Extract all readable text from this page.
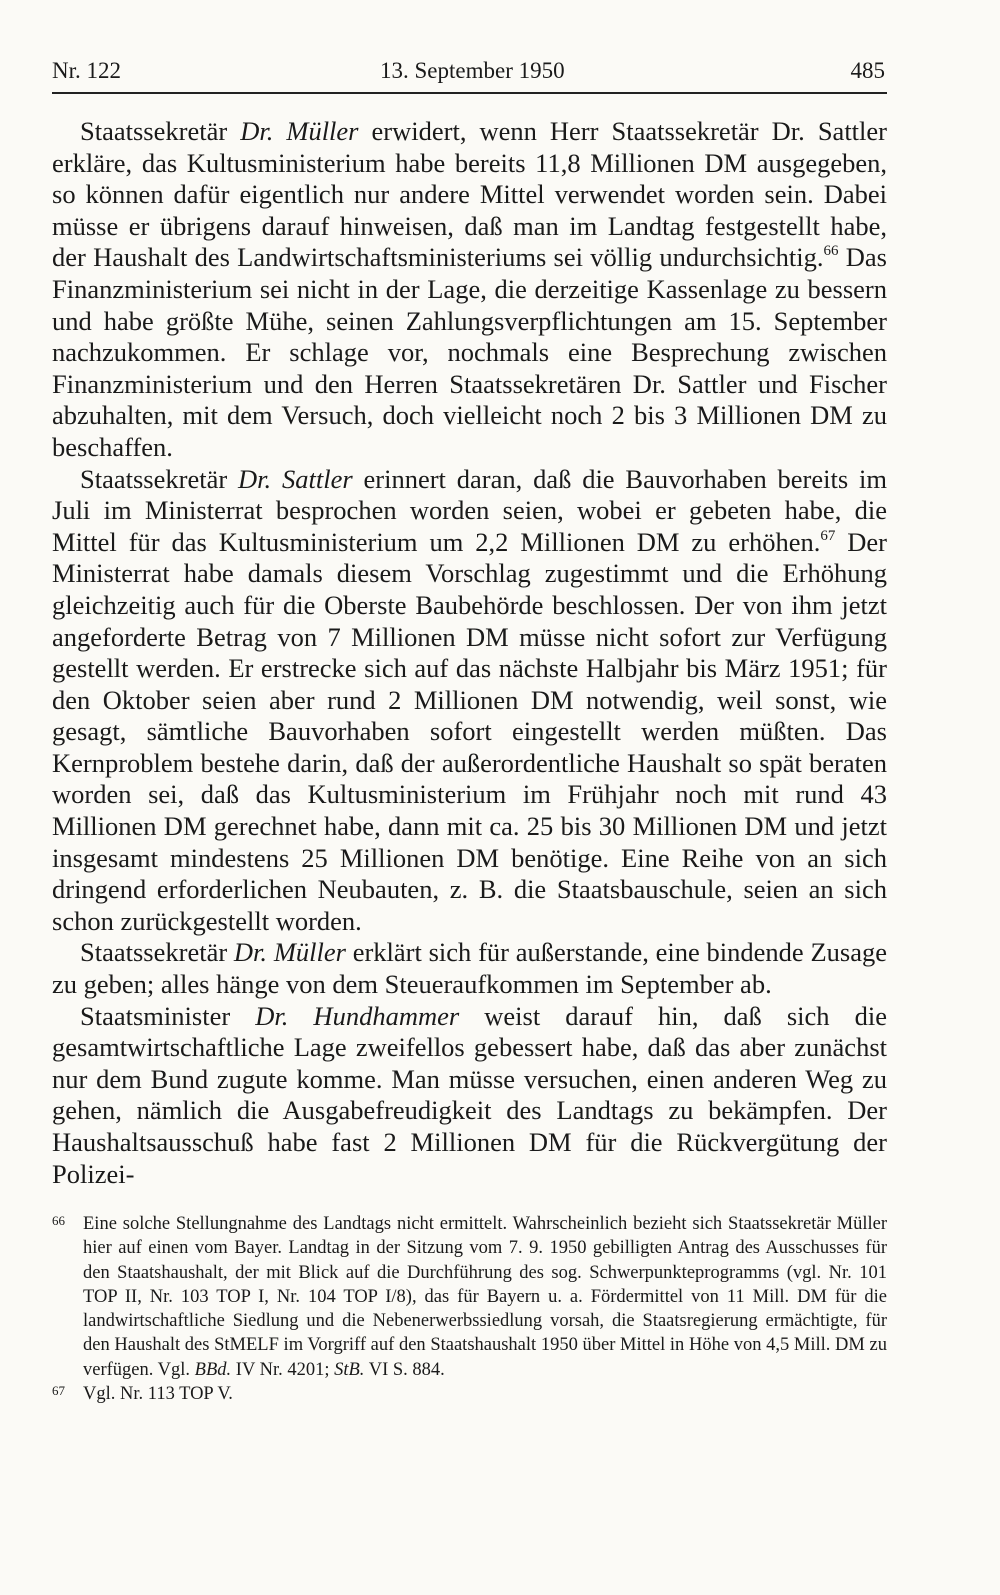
Nr. 122	13. September 1950	485

Staatssekretär Dr. Müller erwidert, wenn Herr Staatssekretär Dr. Sattler erkläre, das Kultusministerium habe bereits 11,8 Millionen DM ausgegeben, so können dafür eigentlich nur andere Mittel verwendet worden sein. Dabei müsse er übrigens darauf hinweisen, daß man im Landtag festgestellt habe, der Haushalt des Landwirtschaftsministeriums sei völlig undurchsichtig.$^{66}$ Das Finanzministerium sei nicht in der Lage, die derzeitige Kassenlage zu bessern und habe größte Mühe, seinen Zahlungsverpflichtungen am 15. September nachzukommen. Er schlage vor, nochmals eine Besprechung zwischen Finanzministerium und den Herren Staatssekretären Dr. Sattler und Fischer abzuhalten, mit dem Versuch, doch vielleicht noch 2 bis 3 Millionen DM zu beschaffen.

Staatssekretär Dr. Sattler erinnert daran, daß die Bauvorhaben bereits im Juli im Ministerrat besprochen worden seien, wobei er gebeten habe, die Mittel für das Kultusministerium um 2,2 Millionen DM zu erhöhen.$^{67}$ Der Ministerrat habe damals diesem Vorschlag zugestimmt und die Erhöhung gleichzeitig auch für die Oberste Baubehörde beschlossen. Der von ihm jetzt angeforderte Betrag von 7 Millionen DM müsse nicht sofort zur Verfügung gestellt werden. Er erstrecke sich auf das nächste Halbjahr bis März 1951; für den Oktober seien aber rund 2 Millionen DM notwendig, weil sonst, wie gesagt, sämtliche Bauvorhaben sofort eingestellt werden müßten. Das Kernproblem bestehe darin, daß der außerordentliche Haushalt so spät beraten worden sei, daß das Kultusministerium im Frühjahr noch mit rund 43 Millionen DM gerechnet habe, dann mit ca. 25 bis 30 Millionen DM und jetzt insgesamt mindestens 25 Millionen DM benötige. Eine Reihe von an sich dringend erforderlichen Neubauten, z. B. die Staatsbauschule, seien an sich schon zurückgestellt worden.

Staatssekretär Dr. Müller erklärt sich für außerstande, eine bindende Zusage zu geben; alles hänge von dem Steueraufkommen im September ab.

Staatsminister Dr. Hundhammer weist darauf hin, daß sich die gesamtwirtschaftliche Lage zweifellos gebessert habe, daß das aber zunächst nur dem Bund zugute komme. Man müsse versuchen, einen anderen Weg zu gehen, nämlich die Ausgabefreudigkeit des Landtags zu bekämpfen. Der Haushaltsausschuß habe fast 2 Millionen DM für die Rückvergütung der Polizei-

66 Eine solche Stellungnahme des Landtags nicht ermittelt. Wahrscheinlich bezieht sich Staatssekretär Müller hier auf einen vom Bayer. Landtag in der Sitzung vom 7. 9. 1950 gebilligten Antrag des Ausschusses für den Staatshaushalt, der mit Blick auf die Durchführung des sog. Schwerpunkteprogramms (vgl. Nr. 101 TOP II, Nr. 103 TOP I, Nr. 104 TOP I/8), das für Bayern u. a. Fördermittel von 11 Mill. DM für die landwirtschaftliche Siedlung und die Nebenerwerbssiedlung vorsah, die Staatsregierung ermächtigte, für den Haushalt des StMELF im Vorgriff auf den Staatshaushalt 1950 über Mittel in Höhe von 4,5 Mill. DM zu verfügen. Vgl. BBd. IV Nr. 4201; StB. VI S. 884.

67 Vgl. Nr. 113 TOP V.
